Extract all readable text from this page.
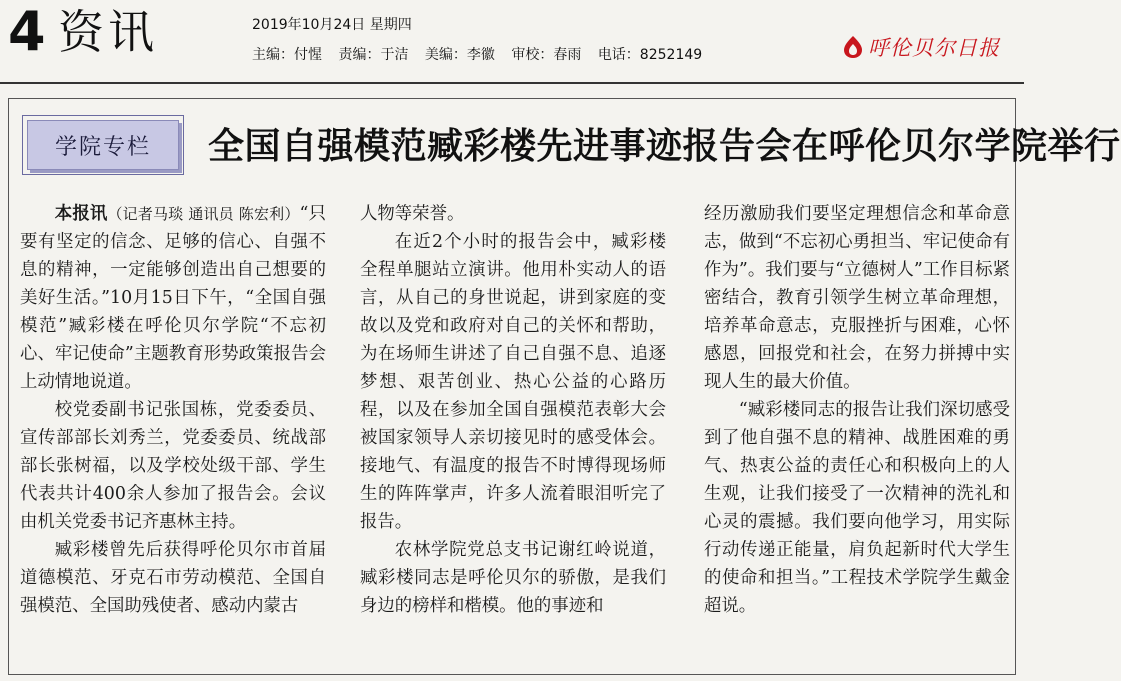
4 资讯	2019年10月24日 星期四
主编：付惺 责编：于洁 美编：李徽 审校：春雨 电话：8252149	呼伦贝尔日报
学院专栏	全国自强模范臧彩楼先进事迹报告会在呼伦贝尔学院举行

本报讯（记者马琰 通讯员 陈宏利）“只要有坚定的信念、足够的信心、自强不息的精神，一定能够创造出自己想要的美好生活。”10月15日下午，“全国自强模范”臧彩楼在呼伦贝尔学院“不忘初心、牢记使命”主题教育形势政策报告会上动情地说道。

校党委副书记张国栋，党委委员、宣传部部长刘秀兰，党委委员、统战部部长张树福，以及学校处级干部、学生代表共计400余人参加了报告会。会议由机关党委书记齐惠林主持。

臧彩楼曾先后获得呼伦贝尔市首届道德模范、牙克石市劳动模范、全国自强模范、全国助残使者、感动内蒙古

人物等荣誉。

在近2个小时的报告会中，臧彩楼全程单腿站立演讲。他用朴实动人的语言，从自己的身世说起，讲到家庭的变故以及党和政府对自己的关怀和帮助，为在场师生讲述了自己自强不息、追逐梦想、艰苦创业、热心公益的心路历程，以及在参加全国自强模范表彰大会被国家领导人亲切接见时的感受体会。接地气、有温度的报告不时博得现场师生的阵阵掌声，许多人流着眼泪听完了报告。

农林学院党总支书记谢红岭说道，臧彩楼同志是呼伦贝尔的骄傲，是我们身边的榜样和楷模。他的事迹和

经历激励我们要坚定理想信念和革命意志，做到“不忘初心勇担当、牢记使命有作为”。我们要与“立德树人”工作目标紧密结合，教育引领学生树立革命理想，培养革命意志，克服挫折与困难，心怀感恩，回报党和社会，在努力拼搏中实现人生的最大价值。

“臧彩楼同志的报告让我们深切感受到了他自强不息的精神、战胜困难的勇气、热衷公益的责任心和积极向上的人生观，让我们接受了一次精神的洗礼和心灵的震撼。我们要向他学习，用实际行动传递正能量，肩负起新时代大学生的使命和担当。”工程技术学院学生戴金超说。
